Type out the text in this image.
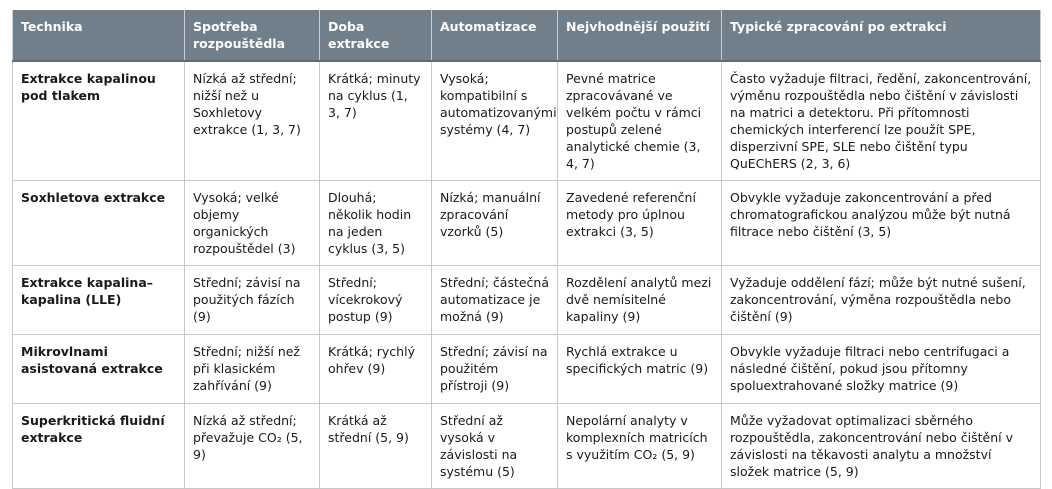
Technika	Spotřeba rozpouštědla	Doba extrakce	Automatizace	Nejvhodnější použití	Typické zpracování po extrakci
Extrakce kapalinou pod tlakem	Nízká až střední; nižší než u Soxhletovy extrakce (1, 3, 7)	Krátká; minuty na cyklus (1, 3, 7)	Vysoká; kompatibilní s automatizovanými systémy (4, 7)	Pevné matrice zpracovávané ve velkém počtu v rámci postupů zelené analytické chemie (3, 4, 7)	Často vyžaduje filtraci, ředění, zakoncentrování, výměnu rozpouštědla nebo čištění v závislosti na matrici a detektoru. Při přítomnosti chemických interferencí lze použít SPE, disperzivní SPE, SLE nebo čištění typu QuEChERS (2, 3, 6)
Soxhletova extrakce	Vysoká; velké objemy organických rozpouštědel (3)	Dlouhá; několik hodin na jeden cyklus (3, 5)	Nízká; manuální zpracování vzorků (5)	Zavedené referenční metody pro úplnou extrakci (3, 5)	Obvykle vyžaduje zakoncentrování a před chromatografickou analýzou může být nutná filtrace nebo čištění (3, 5)
Extrakce kapalina–kapalina (LLE)	Střední; závisí na použitých fázích (9)	Střední; vícekrokový postup (9)	Střední; částečná automatizace je možná (9)	Rozdělení analytů mezi dvě nemísitelné kapaliny (9)	Vyžaduje oddělení fází; může být nutné sušení, zakoncentrování, výměna rozpouštědla nebo čištění (9)
Mikrovlnami asistovaná extrakce	Střední; nižší než při klasickém zahřívání (9)	Krátká; rychlý ohřev (9)	Střední; závisí na použitém přístroji (9)	Rychlá extrakce u specifických matric (9)	Obvykle vyžaduje filtraci nebo centrifugaci a následné čištění, pokud jsou přítomny spoluextrahované složky matrice (9)
Superkritická fluidní extrakce	Nízká až střední; převažuje CO₂ (5, 9)	Krátká až střední (5, 9)	Střední až vysoká v závislosti na systému (5)	Nepolární analyty v komplexních matricích s využitím CO₂ (5, 9)	Může vyžadovat optimalizaci sběrného rozpouštědla, zakoncentrování nebo čištění v závislosti na těkavosti analytu a množství složek matrice (5, 9)
